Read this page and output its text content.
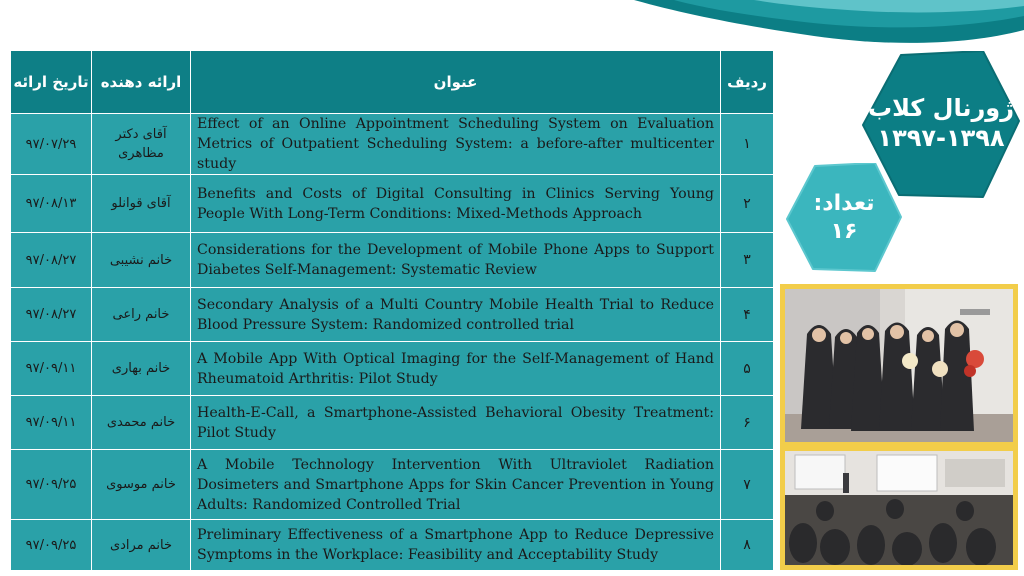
تاریخ ارائه	ارائه دهنده	عنوان	ردیف
۹۷/۰۷/۲۹	آقای دکتر مظاهری	Effect of an Online Appointment Scheduling System on Evaluation Metrics of Outpatient Scheduling System: a before-after multicenter study	۱
۹۷/۰۸/۱۳	آقای قوانلو	Benefits and Costs of Digital Consulting in Clinics Serving Young People With Long-Term Conditions: Mixed-Methods Approach	۲
۹۷/۰۸/۲۷	خانم نشیبی	Considerations for the Development of Mobile Phone Apps to Support Diabetes Self-Management: Systematic Review	۳
۹۷/۰۸/۲۷	خانم راعی	Secondary Analysis of a Multi Country Mobile Health Trial to Reduce Blood Pressure System: Randomized controlled trial	۴
۹۷/۰۹/۱۱	خانم بهاری	A Mobile App With Optical Imaging for the Self-Management of Hand Rheumatoid Arthritis: Pilot Study	۵
۹۷/۰۹/۱۱	خانم محمدی	Health-E-Call, a Smartphone-Assisted Behavioral Obesity Treatment: Pilot Study	۶
۹۷/۰۹/۲۵	خانم موسوی	A Mobile Technology Intervention With Ultraviolet Radiation Dosimeters and Smartphone Apps for Skin Cancer Prevention in Young Adults: Randomized Controlled Trial	۷
۹۷/۰۹/۲۵	خانم مرادی	Preliminary Effectiveness of a Smartphone App to Reduce Depressive Symptoms in the Workplace: Feasibility and Acceptability Study	۸
ژورنال کلاب
۱۳۹۷-۱۳۹۸
تعداد:
۱۶
